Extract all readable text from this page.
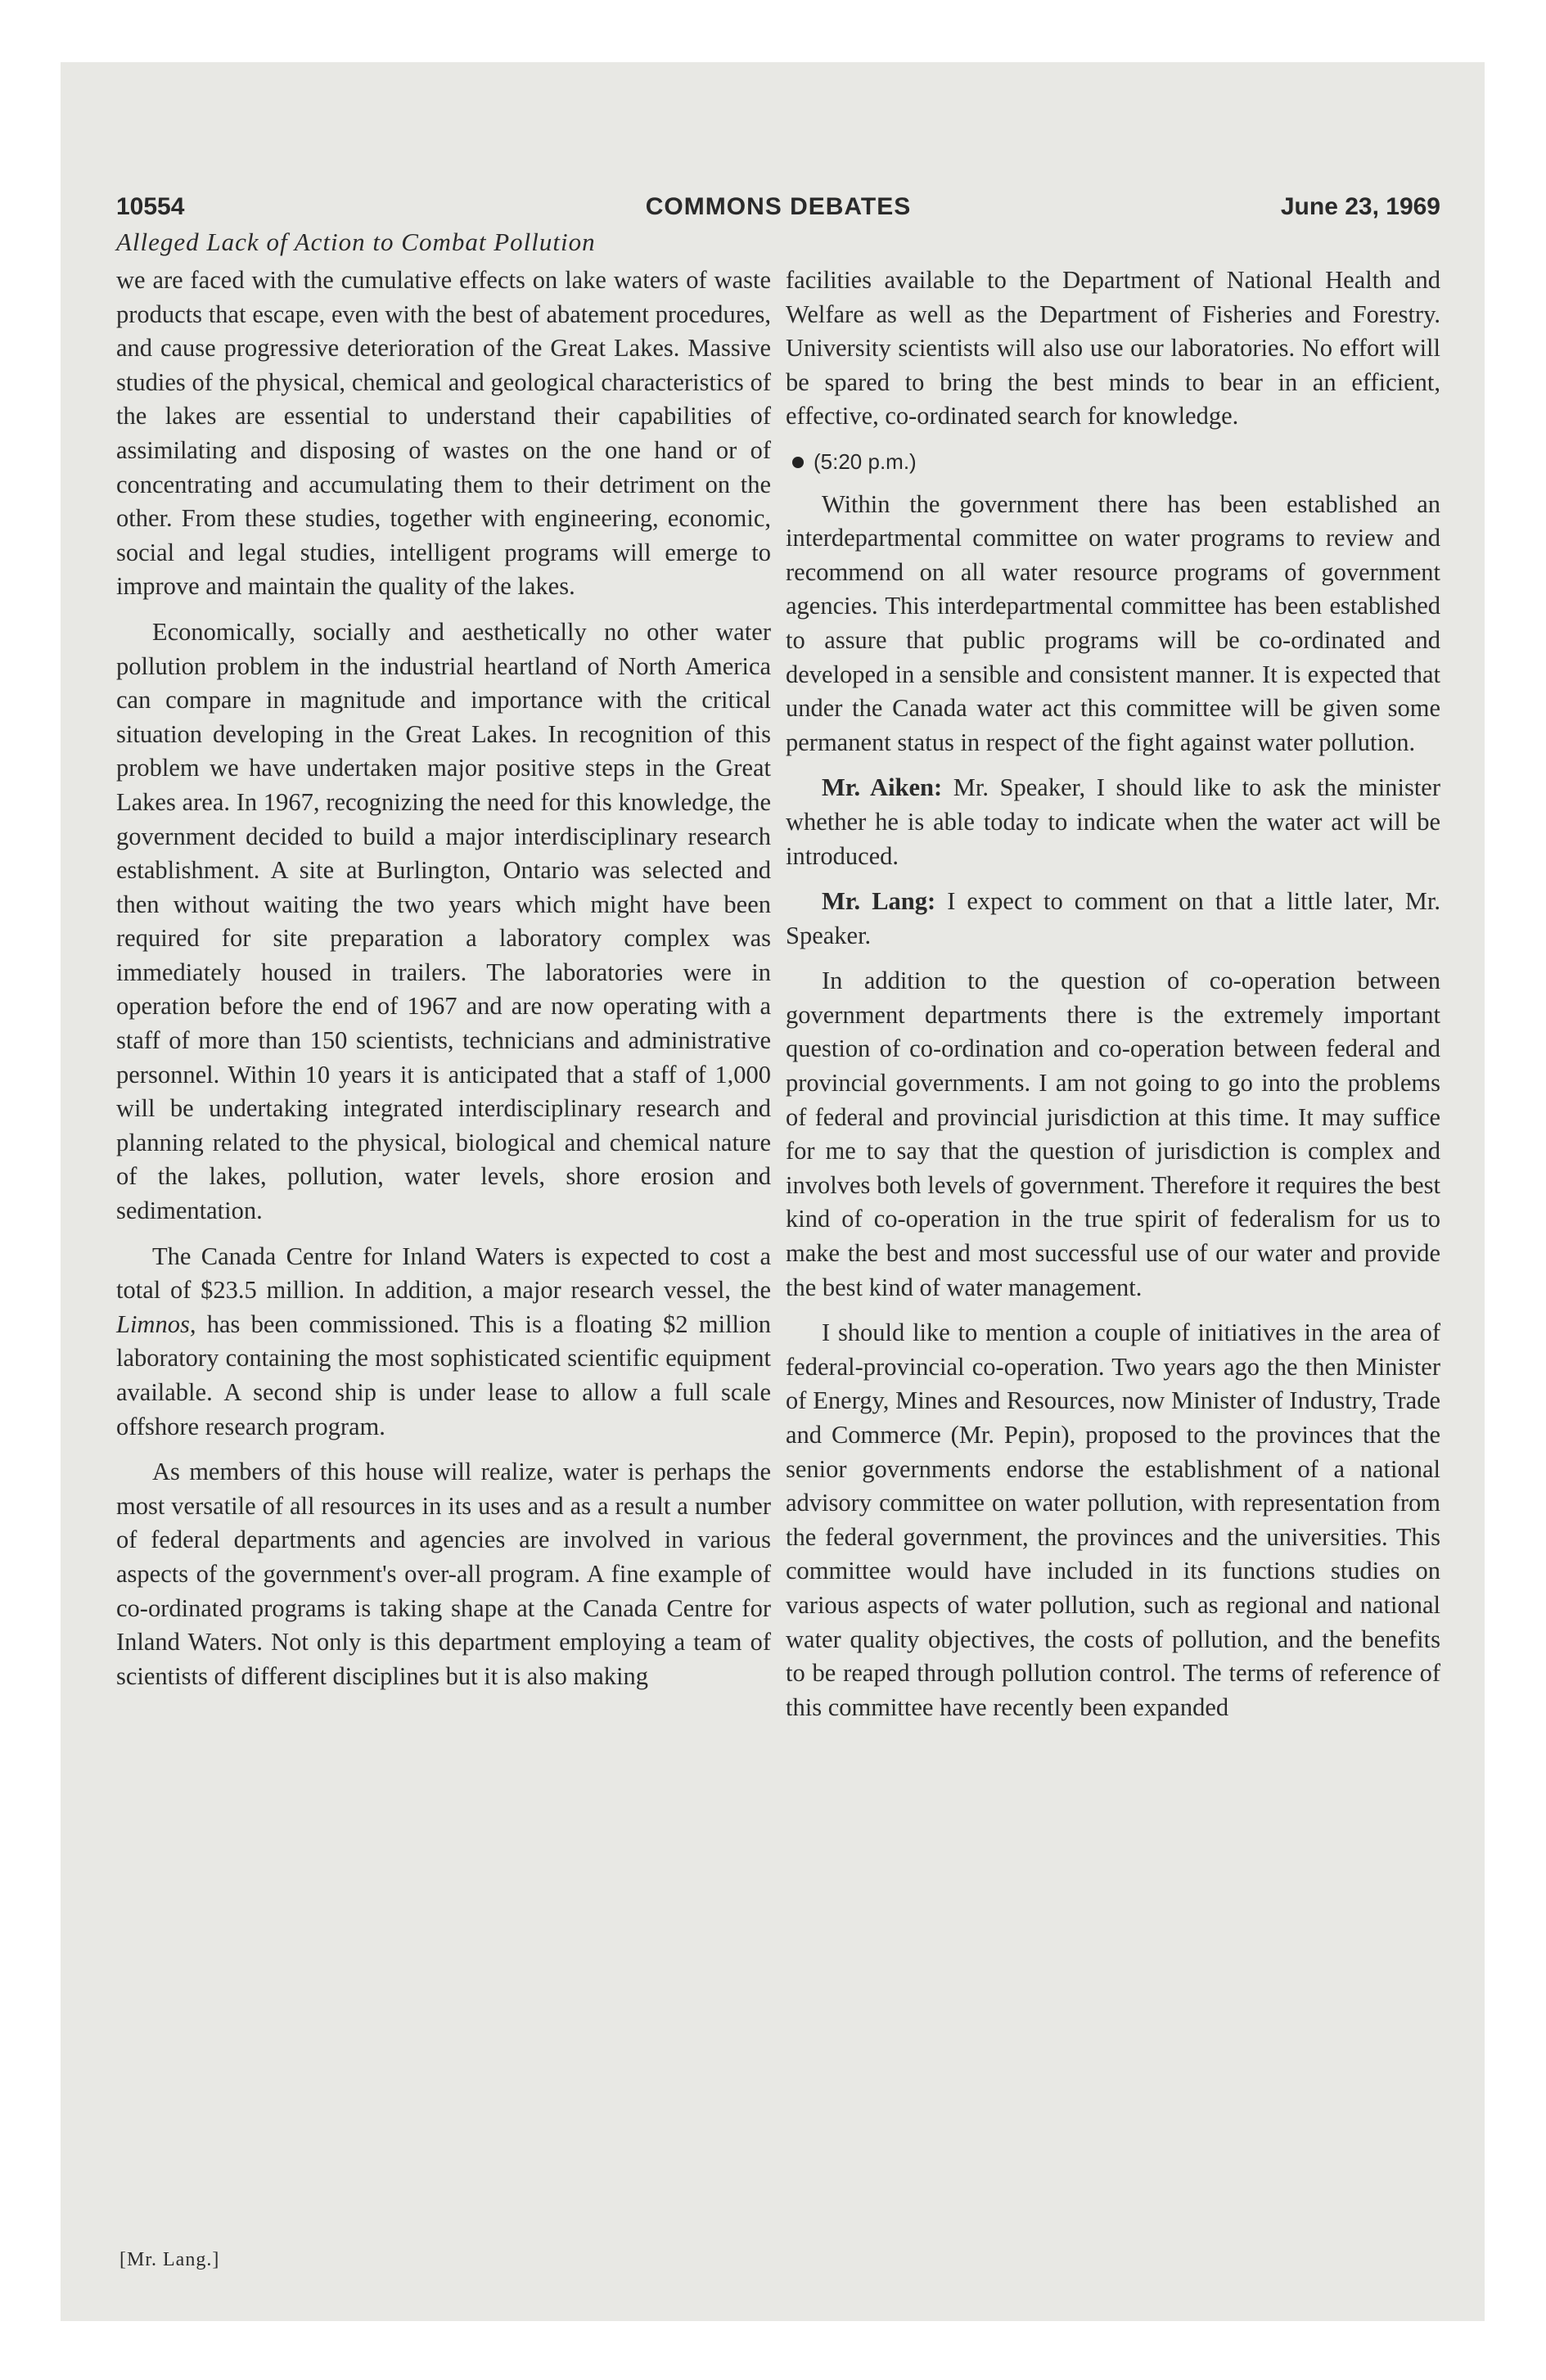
10554	COMMONS DEBATES	June 23, 1969
Alleged Lack of Action to Combat Pollution

we are faced with the cumulative effects on lake waters of waste products that escape, even with the best of abatement procedures, and cause progressive deterioration of the Great Lakes. Massive studies of the physical, chemical and geological characteristics of the lakes are essential to understand their capabilities of assimilating and disposing of wastes on the one hand or of concentrating and accumulating them to their detriment on the other. From these studies, together with engineering, economic, social and legal studies, intelligent programs will emerge to improve and maintain the quality of the lakes.

Economically, socially and aesthetically no other water pollution problem in the industrial heartland of North America can compare in magnitude and importance with the critical situation developing in the Great Lakes. In recognition of this problem we have undertaken major positive steps in the Great Lakes area. In 1967, recognizing the need for this knowledge, the government decided to build a major interdisciplinary research establishment. A site at Burlington, Ontario was selected and then without waiting the two years which might have been required for site preparation a laboratory complex was immediately housed in trailers. The laboratories were in operation before the end of 1967 and are now operating with a staff of more than 150 scientists, technicians and administrative personnel. Within 10 years it is anticipated that a staff of 1,000 will be undertaking integrated interdisciplinary research and planning related to the physical, biological and chemical nature of the lakes, pollution, water levels, shore erosion and sedimentation.

The Canada Centre for Inland Waters is expected to cost a total of $23.5 million. In addition, a major research vessel, the Limnos, has been commissioned. This is a floating $2 million laboratory containing the most sophisticated scientific equipment available. A second ship is under lease to allow a full scale offshore research program.

As members of this house will realize, water is perhaps the most versatile of all resources in its uses and as a result a number of federal departments and agencies are involved in various aspects of the government's over-all program. A fine example of co-ordinated programs is taking shape at the Canada Centre for Inland Waters. Not only is this department employing a team of scientists of different disciplines but it is also making

[Mr. Lang.]

facilities available to the Department of National Health and Welfare as well as the Department of Fisheries and Forestry. University scientists will also use our laboratories. No effort will be spared to bring the best minds to bear in an efficient, effective, co-ordinated search for knowledge.

(5:20 p.m.)

Within the government there has been established an interdepartmental committee on water programs to review and recommend on all water resource programs of government agencies. This interdepartmental committee has been established to assure that public programs will be co-ordinated and developed in a sensible and consistent manner. It is expected that under the Canada water act this committee will be given some permanent status in respect of the fight against water pollution.

Mr. Aiken: Mr. Speaker, I should like to ask the minister whether he is able today to indicate when the water act will be introduced.

Mr. Lang: I expect to comment on that a little later, Mr. Speaker.

In addition to the question of co-operation between government departments there is the extremely important question of co-ordination and co-operation between federal and provincial governments. I am not going to go into the problems of federal and provincial jurisdiction at this time. It may suffice for me to say that the question of jurisdiction is complex and involves both levels of government. Therefore it requires the best kind of co-operation in the true spirit of federalism for us to make the best and most successful use of our water and provide the best kind of water management.

I should like to mention a couple of initiatives in the area of federal-provincial co-operation. Two years ago the then Minister of Energy, Mines and Resources, now Minister of Industry, Trade and Commerce (Mr. Pepin), proposed to the provinces that the senior governments endorse the establishment of a national advisory committee on water pollution, with representation from the federal government, the provinces and the universities. This committee would have included in its functions studies on various aspects of water pollution, such as regional and national water quality objectives, the costs of pollution, and the benefits to be reaped through pollution control. The terms of reference of this committee have recently been expanded
